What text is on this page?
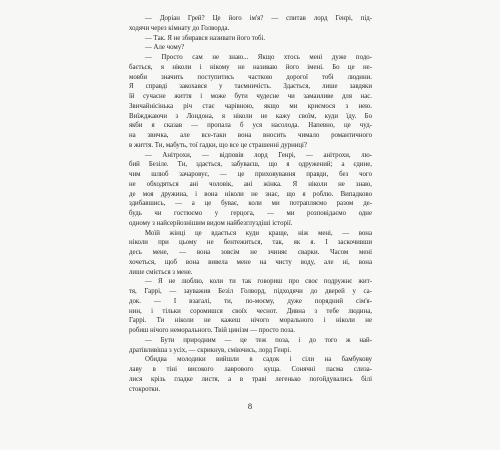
— Доріан Грей? Це його ім'я? — спитав лорд Генрі, під-
ходячи через кімнату до Голворда.
— Так. Я не збирався називати його тобі.
— Але чому?
— Просто сам не знаю... Якщо хтось мені дуже подо-
бається, я ніколи і нікому не називаю його імені. Бо це не-
мовби значить поступитись часткою дорогої тобі людини.
Я справді закохався у таємничість. Здається, лише завдяки
їй сучасне життя і може бути чудесне чи замаиливе для нас.
Звичайнісінька річ стає чарівною, якщо ми криємося з нею.
Виїжджаючи з Лондона, я ніколи не кажу своїм, куди їду. Бо
якби я сказав — пропала б уся насолода. Напевно, це чуд-
на звичка, але все-таки вона вносить чимало романтичного
в життя. Ти, мабуть, тої гадки, що все це страшенні дурниці?
— Анітрохи, — відповів лорд Генрі, — анітрохи, лю-
бий Безіле. Ти, здається, забуваєш, що я одружений; а єдине,
чим шлюб зачаровує, — це приховування правди, без чого
не обходяться ані чоловік, ані жінка. Я ніколи не знаю,
де моя дружина, і вона ніколи не знає, що я роблю. Випадково
здибавшись, — а це буває, коли ми потрапляємо разом де-
будь чи гостюємо у герцога, — ми розповідаємо одне
одному з найсерйознішим видом найбезглуздіші історії.
Моїй жінці це вдається куди краще, ніж мені, — вона
ніколи при цьому не бентежиться, так, як я. І заскочивши
десь мене, — вона зовсім не зчиняє сварки. Часом мені
хочеться, щоб вона вивела мене на чисту воду, але ні, вона
лише сміється з мене.
— Я не люблю, коли ти так говориш про своє подружнє жит-
тя, Гаррі, — зауважив Безіл Голворд, підходячи до дверей у са-
док. — І взагалі, ти, по-моєму, дуже порядний сім'я-
нин, і тільки соромишся своїх чеснот. Дивна з тебе людина,
Гаррі. Ти ніколи не кажеш нічого морального і ніколи не
робиш нічого неморального. Твій цинізм — просто поза.
— Бути природним — це теж поза, і до того ж най-
дратівливіша з усіх, — скрикнув, сміючись, лорд Генрі.
Обидва молодики вийшли в садок і сіли на бамбукову
лаву в тіні високого лаврового куща. Сонячні пасма слиза-
лися крізь гладке листя, а в траві легенько погойдувались білі
стокротки.
8
